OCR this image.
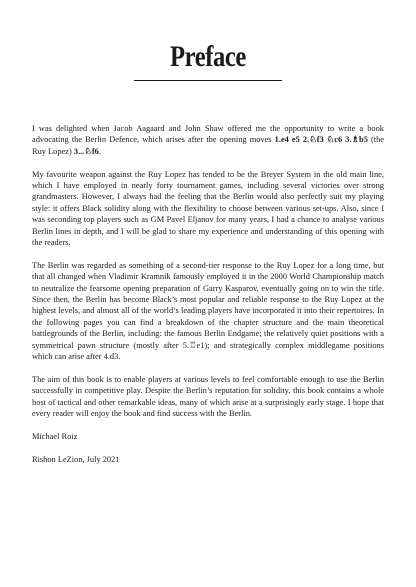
Preface

I was delighted when Jacob Aagaard and John Shaw offered me the opportunity to write a book advocating the Berlin Defence, which arises after the opening moves 1.e4 e5 2.♘f3 ♘c6 3.♗b5 (the Ruy Lopez) 3...♘f6.

My favourite weapon against the Ruy Lopez has tended to be the Breyer System in the old main line, which I have employed in nearly forty tournament games, including several victories over strong grandmasters. However, I always had the feeling that the Berlin would also perfectly suit my playing style: it offers Black solidity along with the flexibility to choose between various set-ups. Also, since I was seconding top players such as GM Pavel Eljanov for many years, I had a chance to analyse various Berlin lines in depth, and I will be glad to share my experience and understanding of this opening with the readers.

The Berlin was regarded as something of a second-tier response to the Ruy Lopez for a long time, but that all changed when Vladimir Kramnik famously employed it in the 2000 World Championship match to neutralize the fearsome opening preparation of Garry Kasparov, eventually going on to win the title. Since then, the Berlin has become Black’s most popular and reliable response to the Ruy Lopez at the highest levels, and almost all of the world’s leading players have incorporated it into their repertoires. In the following pages you can find a breakdown of the chapter structure and the main theoretical battlegrounds of the Berlin, including: the famous Berlin Endgame; the relatively quiet positions with a symmetrical pawn structure (mostly after 5.♖e1); and strategically complex middlegame positions which can arise after 4.d3.

The aim of this book is to enable players at various levels to feel comfortable enough to use the Berlin successfully in competitive play. Despite the Berlin’s reputation for solidity, this book contains a whole host of tactical and other remarkable ideas, many of which arise at a surprisingly early stage. I hope that every reader will enjoy the book and find success with the Berlin.

Michael Roiz

Rishon LeZion, July 2021
